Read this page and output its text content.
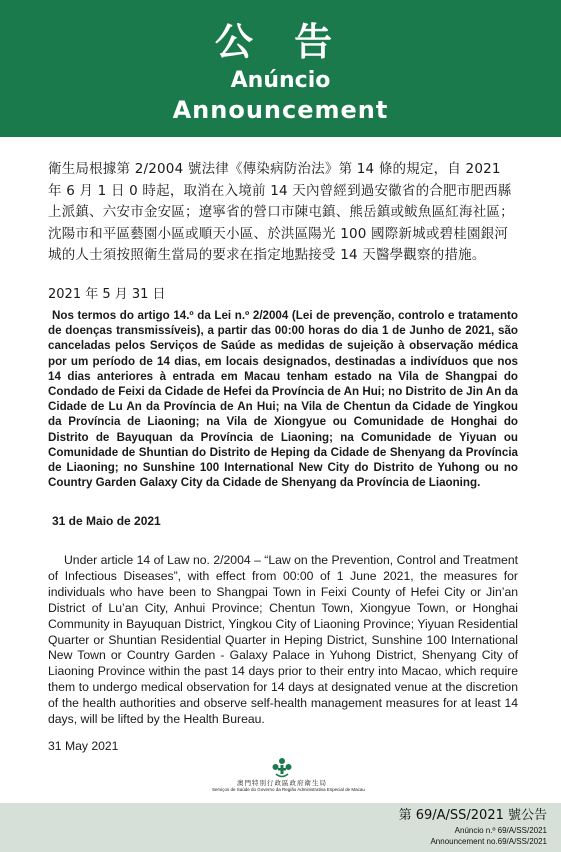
公 告
Anúncio
Announcement
衛生局根據第 2/2004 號法律《傳染病防治法》第 14 條的規定，自 2021 年 6 月 1 日 0 時起，取消在入境前 14 天內曾經到過安徽省的合肥市肥西縣上派鎮、六安市金安區；遼寧省的營口市陳屯鎮、熊岳鎮或鲅魚區紅海社區；沈陽市和平區藝園小區或順天小區、於洪區陽光 100 國際新城或碧桂園銀河城的人士須按照衛生當局的要求在指定地點接受 14 天醫學觀察的措施。
2021 年 5 月 31 日
Nos termos do artigo 14.º da Lei n.º 2/2004 (Lei de prevenção, controlo e tratamento de doenças transmissíveis), a partir das 00:00 horas do dia 1 de Junho de 2021, são canceladas pelos Serviços de Saúde as medidas de sujeição à observação médica por um período de 14 dias, em locais designados, destinadas a indivíduos que nos 14 dias anteriores à entrada em Macau tenham estado na Vila de Shangpai do Condado de Feixi da Cidade de Hefei da Província de An Hui; no Distrito de Jin An da Cidade de Lu An da Província de An Hui; na Vila de Chentun da Cidade de Yingkou da Província de Liaoning; na Vila de Xiongyue ou Comunidade de Honghai do Distrito de Bayuquan da Província de Liaoning; na Comunidade de Yiyuan ou Comunidade de Shuntian do Distrito de Heping da Cidade de Shenyang da Província de Liaoning; no Sunshine 100 International New City do Distrito de Yuhong ou no Country Garden Galaxy City da Cidade de Shenyang da Província de Liaoning.
31 de Maio de 2021
Under article 14 of Law no. 2/2004 – “Law on the Prevention, Control and Treatment of Infectious Diseases”, with effect from 00:00 of 1 June 2021, the measures for individuals who have been to Shangpai Town in Feixi County of Hefei City or Jin’an District of Lu’an City, Anhui Province; Chentun Town, Xiongyue Town, or Honghai Community in Bayuquan District, Yingkou City of Liaoning Province; Yiyuan Residential Quarter or Shuntian Residential Quarter in Heping District, Sunshine 100 International New Town or Country Garden - Galaxy Palace in Yuhong District, Shenyang City of Liaoning Province within the past 14 days prior to their entry into Macao, which require them to undergo medical observation for 14 days at designated venue at the discretion of the health authorities and observe self-health management measures for at least 14 days, will be lifted by the Health Bureau.
31 May 2021
澳門特別行政區政府衛生局
Serviços de Saúde do Governo da Região Administrativa Especial de Macau
第 69/A/SS/2021 號公告
Anúncio n.º 69/A/SS/2021
Announcement no.69/A/SS/2021
